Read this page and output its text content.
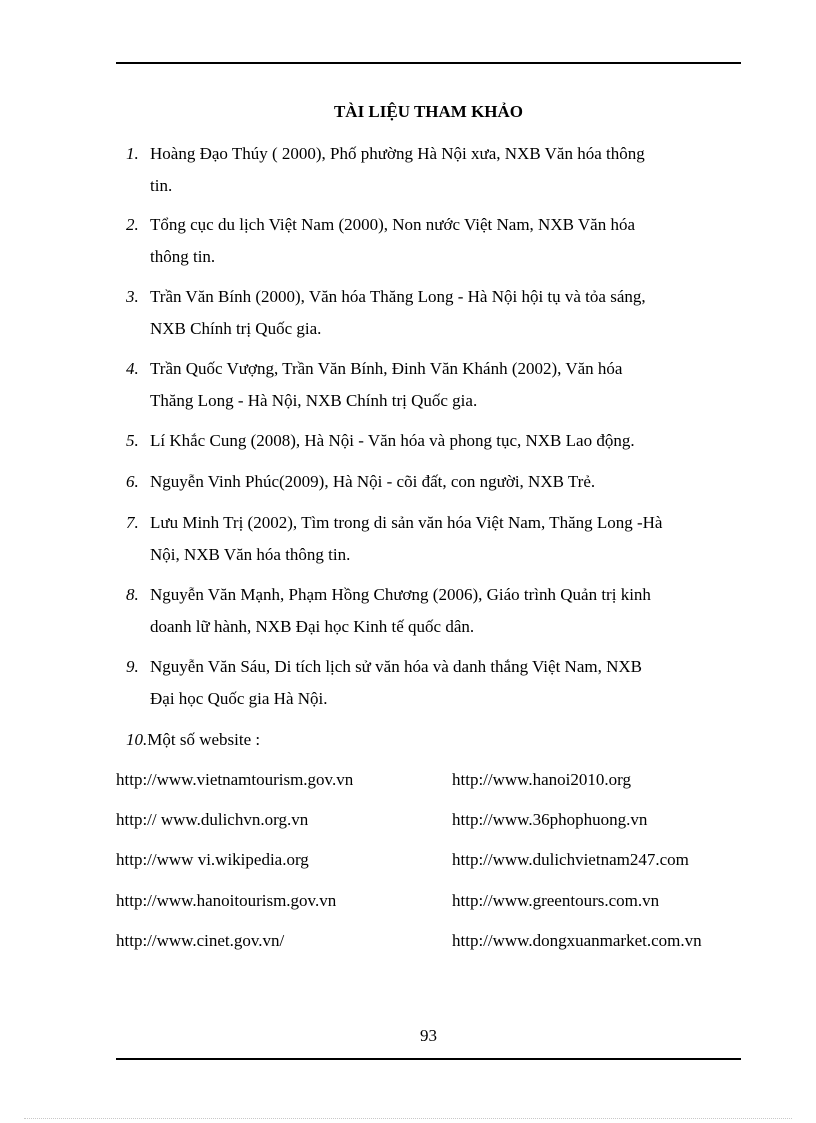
TÀI LIỆU THAM KHẢO
1. Hoàng Đạo Thúy ( 2000), Phố phường Hà Nội xưa, NXB Văn hóa thông
tin.
2. Tổng cục du lịch Việt Nam (2000), Non nước Việt Nam, NXB Văn hóa
thông tin.
3. Trần Văn Bính (2000), Văn hóa Thăng Long - Hà Nội hội tụ và tỏa sáng,
NXB Chính trị Quốc gia.
4. Trần Quốc Vượng, Trần Văn Bính, Đinh Văn Khánh (2002), Văn hóa
Thăng Long - Hà Nội, NXB Chính trị Quốc gia.
5. Lí Khắc Cung (2008), Hà Nội - Văn hóa và phong tục, NXB Lao động.
6. Nguyễn Vinh Phúc(2009), Hà Nội - cõi đất, con người, NXB Trẻ.
7. Lưu Minh Trị (2002), Tìm trong di sản văn hóa Việt Nam, Thăng Long -Hà
Nội, NXB Văn hóa thông tin.
8. Nguyễn Văn Mạnh, Phạm Hồng Chương (2006), Giáo trình Quản trị kinh
doanh lữ hành, NXB Đại học Kinh tế quốc dân.
9. Nguyễn Văn Sáu, Di tích lịch sử văn hóa và danh thắng Việt Nam, NXB
Đại học Quốc gia Hà Nội.
10.Một số website :
http://www.vietnamtourism.gov.vn	http://www.hanoi2010.org
http:// www.dulichvn.org.vn	http://www.36phophuong.vn
http://www vi.wikipedia.org	http://www.dulichvietnam247.com
http://www.hanoitourism.gov.vn	http://www.greentours.com.vn
http://www.cinet.gov.vn/	http://www.dongxuanmarket.com.vn
93
